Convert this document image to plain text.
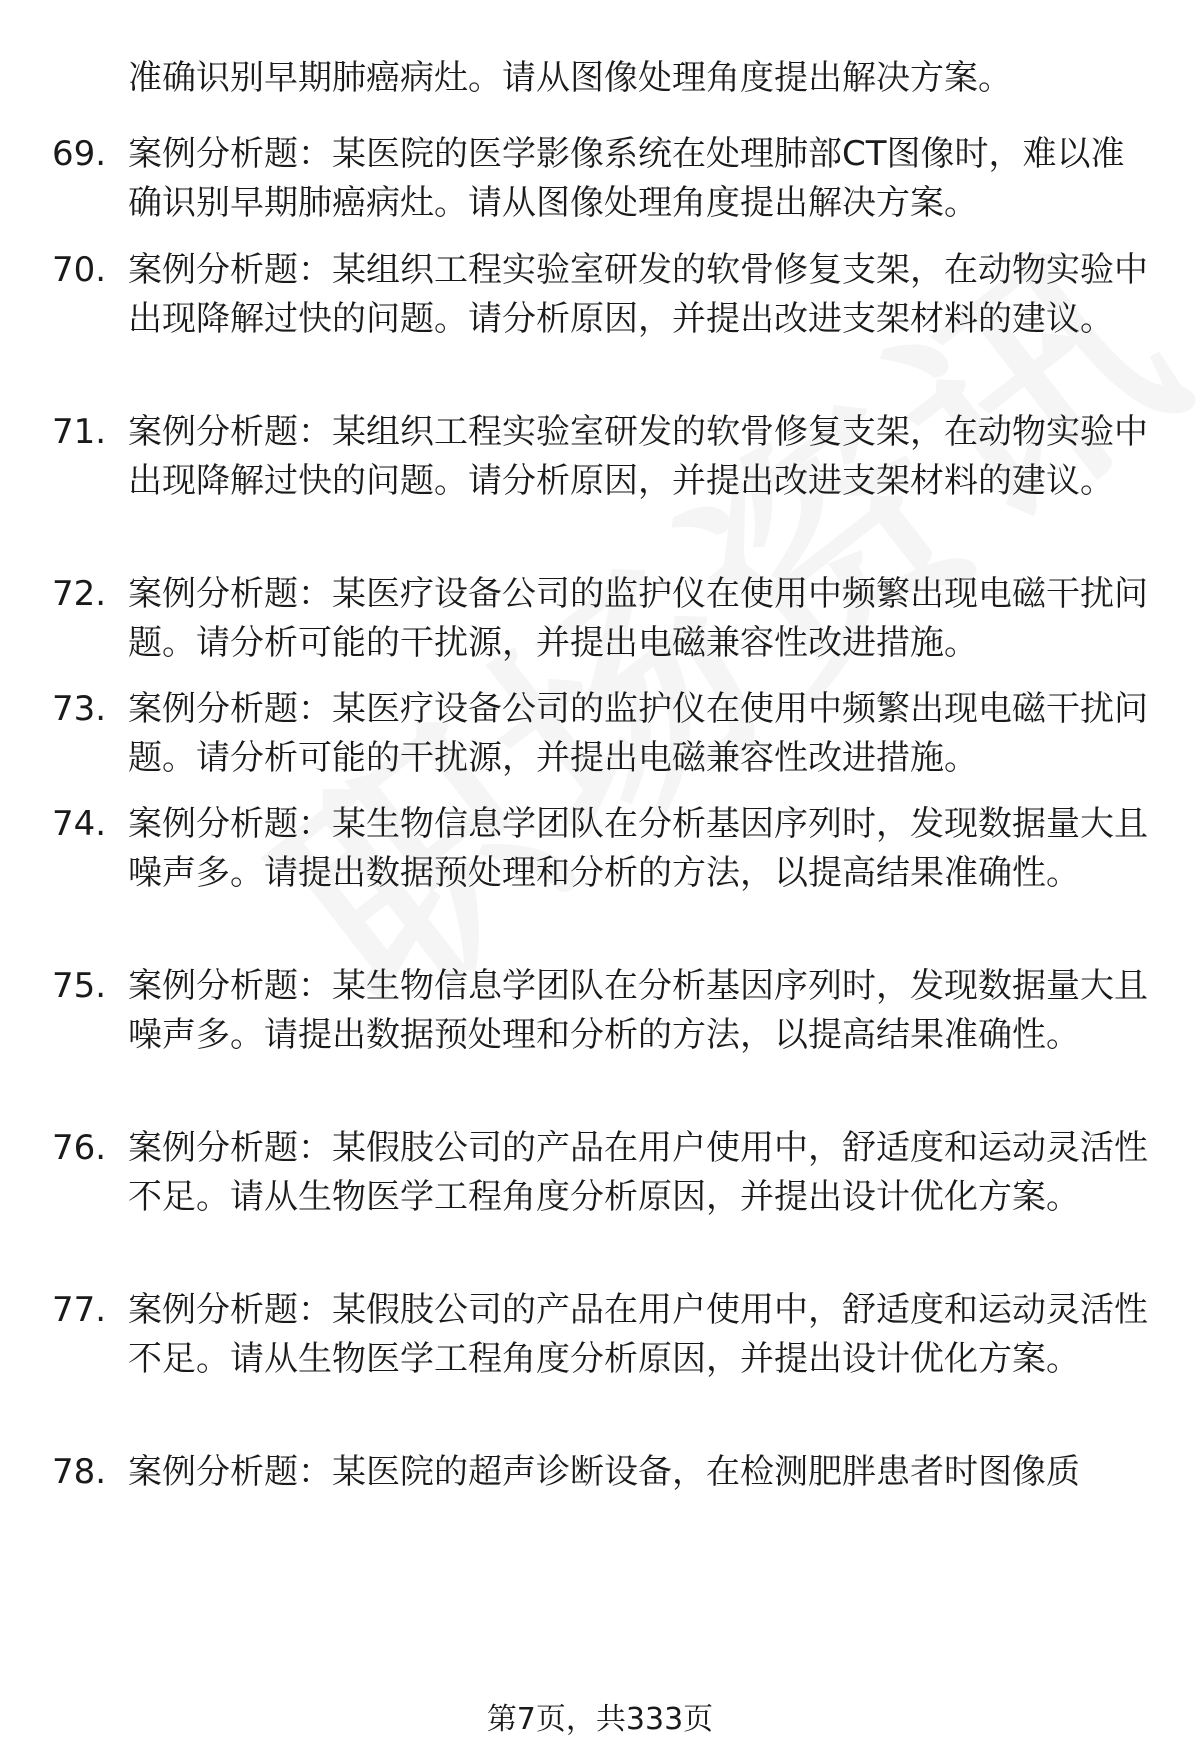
准确识别早期肺癌病灶。请从图像处理角度提出解决方案。
69. 案例分析题：某医院的医学影像系统在处理肺部CT图像时，难以准确识别早期肺癌病灶。请从图像处理角度提出解决方案。
70. 案例分析题：某组织工程实验室研发的软骨修复支架，在动物实验中出现降解过快的问题。请分析原因，并提出改进支架材料的建议。
71. 案例分析题：某组织工程实验室研发的软骨修复支架，在动物实验中出现降解过快的问题。请分析原因，并提出改进支架材料的建议。
72. 案例分析题：某医疗设备公司的监护仪在使用中频繁出现电磁干扰问题。请分析可能的干扰源，并提出电磁兼容性改进措施。
73. 案例分析题：某医疗设备公司的监护仪在使用中频繁出现电磁干扰问题。请分析可能的干扰源，并提出电磁兼容性改进措施。
74. 案例分析题：某生物信息学团队在分析基因序列时，发现数据量大且噪声多。请提出数据预处理和分析的方法，以提高结果准确性。
75. 案例分析题：某生物信息学团队在分析基因序列时，发现数据量大且噪声多。请提出数据预处理和分析的方法，以提高结果准确性。
76. 案例分析题：某假肢公司的产品在用户使用中，舒适度和运动灵活性不足。请从生物医学工程角度分析原因，并提出设计优化方案。
77. 案例分析题：某假肢公司的产品在用户使用中，舒适度和运动灵活性不足。请从生物医学工程角度分析原因，并提出设计优化方案。
78. 案例分析题：某医院的超声诊断设备，在检测肥胖患者时图像质
第7页，共333页
